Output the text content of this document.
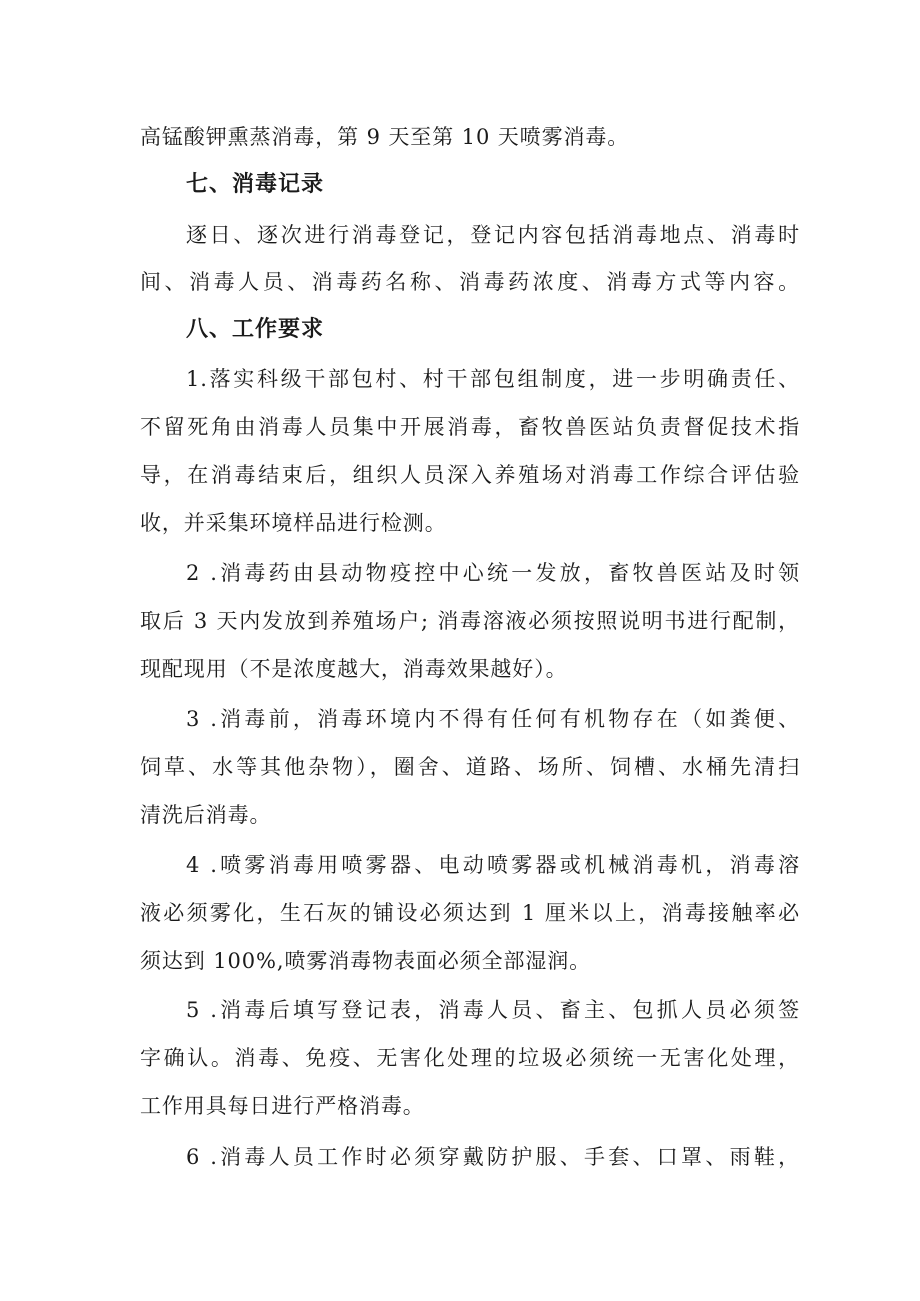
高锰酸钾熏蒸消毒，第 9 天至第 10 天喷雾消毒。
七、消毒记录
逐日、逐次进行消毒登记，登记内容包括消毒地点、消毒时
间、消毒人员、消毒药名称、消毒药浓度、消毒方式等内容。
八、工作要求
1.落实科级干部包村、村干部包组制度，进一步明确责任、
不留死角由消毒人员集中开展消毒，畜牧兽医站负责督促技术指
导，在消毒结束后，组织人员深入养殖场对消毒工作综合评估验
收，并采集环境样品进行检测。
2 .消毒药由县动物疫控中心统一发放，畜牧兽医站及时领
取后 3 天内发放到养殖场户; 消毒溶液必须按照说明书进行配制，
现配现用（不是浓度越大，消毒效果越好）。
3 .消毒前，消毒环境内不得有任何有机物存在（如粪便、
饲草、水等其他杂物），圈舍、道路、场所、饲槽、水桶先清扫
清洗后消毒。
4 .喷雾消毒用喷雾器、电动喷雾器或机械消毒机，消毒溶
液必须雾化，生石灰的铺设必须达到 1 厘米以上，消毒接触率必
须达到 100%,喷雾消毒物表面必须全部湿润。
5 .消毒后填写登记表，消毒人员、畜主、包抓人员必须签
字确认。消毒、免疫、无害化处理的垃圾必须统一无害化处理，
工作用具每日进行严格消毒。
6 .消毒人员工作时必须穿戴防护服、手套、口罩、雨鞋，
